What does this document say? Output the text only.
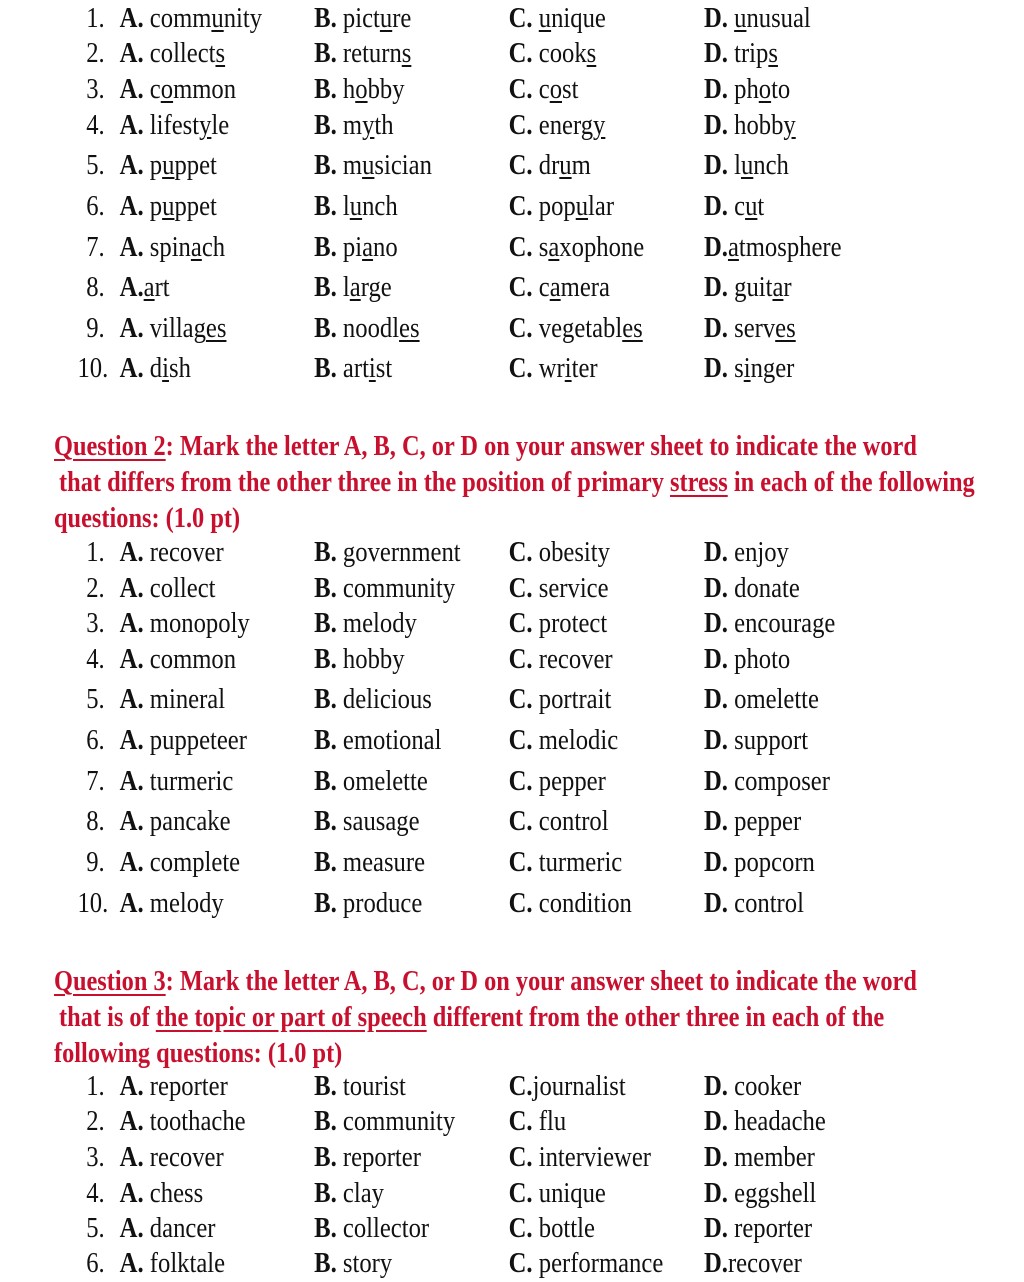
1. A. community B. picture	C. unique	D. unusual
2. A. collects	B. returns	C. cooks	D. trips
3. A. common	B. hobby	C. cost	D. photo
4. A. lifestyle	B. myth	C. energy	D. hobby
5. A. puppet	B. musician	C. drum	D. lunch
6. A. puppet	B. lunch	C. popular	D. cut
7. A. spinach	B. piano	C. saxophone D.atmosphere
8. A.art	B. large	C. camera	D. guitar
9. A. villages	B. noodles	C. vegetables D. serves
10. A. dish	B. artist	C. writer	D. singer
Question 2: Mark the letter A, B, C, or D on your answer sheet to indicate the word
that differs from the other three in the position of primary stress in each of the following
questions: (1.0 pt)
1. A. recover	B. government C. obesity	D. enjoy
2. A. collect	B. community C. service	D. donate
3. A. monopoly B. melody	C. protect	D. encourage
4. A. common	B. hobby	C. recover	D. photo
5. A. mineral	B. delicious	C. portrait	D. omelette
6. A. puppeteer B. emotional C. melodic	D. support
7. A. turmeric	B. omelette	C. pepper	D. composer
8. A. pancake	B. sausage	C. control	D. pepper
9. A. complete	B. measure	C. turmeric	D. popcorn
10. A. melody	B. produce	C. condition	D. control
Question 3: Mark the letter A, B, C, or D on your answer sheet to indicate the word
that is of the topic or part of speech different from the other three in each of the
following questions: (1.0 pt)
1. A. reporter	B. tourist	C.journalist	D. cooker
2. A. toothache B. community C. flu	D. headache
3. A. recover	B. reporter	C. interviewer D. member
4. A. chess	B. clay	C. unique	D. eggshell
5. A. dancer	B. collector	C. bottle	D. reporter
6. A. folktale	B. story	C. performance D.recover
